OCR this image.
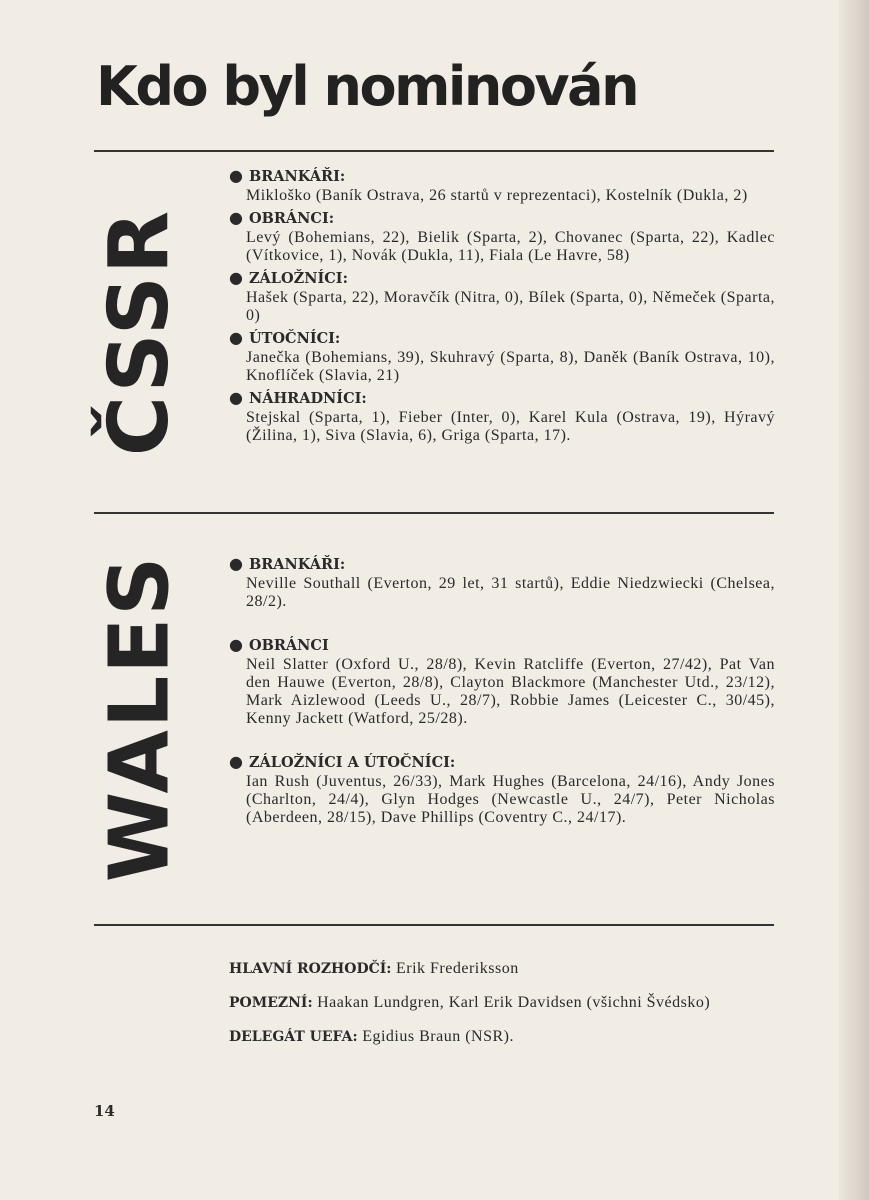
Kdo byl nominován
ČSSR
● BRANKÁŘI:
Mikloško (Baník Ostrava, 26 startů v reprezentaci), Kostelník (Dukla, 2)
● OBRÁNCI:
Levý (Bohemians, 22), Bielik (Sparta, 2), Chovanec (Sparta, 22), Kadlec (Vítkovice, 1), Novák (Dukla, 11), Fiala (Le Havre, 58)
● ZÁLOŽNÍCI:
Hašek (Sparta, 22), Moravčík (Nitra, 0), Bílek (Sparta, 0), Němeček (Sparta, 0)
● ÚTOČNÍCI:
Janečka (Bohemians, 39), Skuhravý (Sparta, 8), Daněk (Baník Ostrava, 10), Knoflíček (Slavia, 21)
● NÁHRADNÍCI:
Stejskal (Sparta, 1), Fieber (Inter, 0), Karel Kula (Ostrava, 19), Hýravý (Žilina, 1), Siva (Slavia, 6), Griga (Sparta, 17).
WALES	● BRANKÁŘI:
Neville Southall (Everton, 29 let, 31 startů), Eddie Niedzwiecki (Chelsea, 28/2).
● OBRÁNCI
Neil Slatter (Oxford U., 28/8), Kevin Ratcliffe (Everton, 27/42), Pat Van den Hauwe (Everton, 28/8), Clayton Blackmore (Manchester Utd., 23/12), Mark Aizlewood (Leeds U., 28/7), Robbie James (Leicester C., 30/45), Kenny Jackett (Watford, 25/28).
● ZÁLOŽNÍCI A ÚTOČNÍCI:
Ian Rush (Juventus, 26/33), Mark Hughes (Barcelona, 24/16), Andy Jones (Charlton, 24/4), Glyn Hodges (Newcastle U., 24/7), Peter Nicholas (Aberdeen, 28/15), Dave Phillips (Coventry C., 24/17).
HLAVNÍ ROZHODČÍ: Erik Frederiksson
POMEZNÍ: Haakan Lundgren, Karl Erik Davidsen (všichni Švédsko)
DELEGÁT UEFA: Egidius Braun (NSR).
14
